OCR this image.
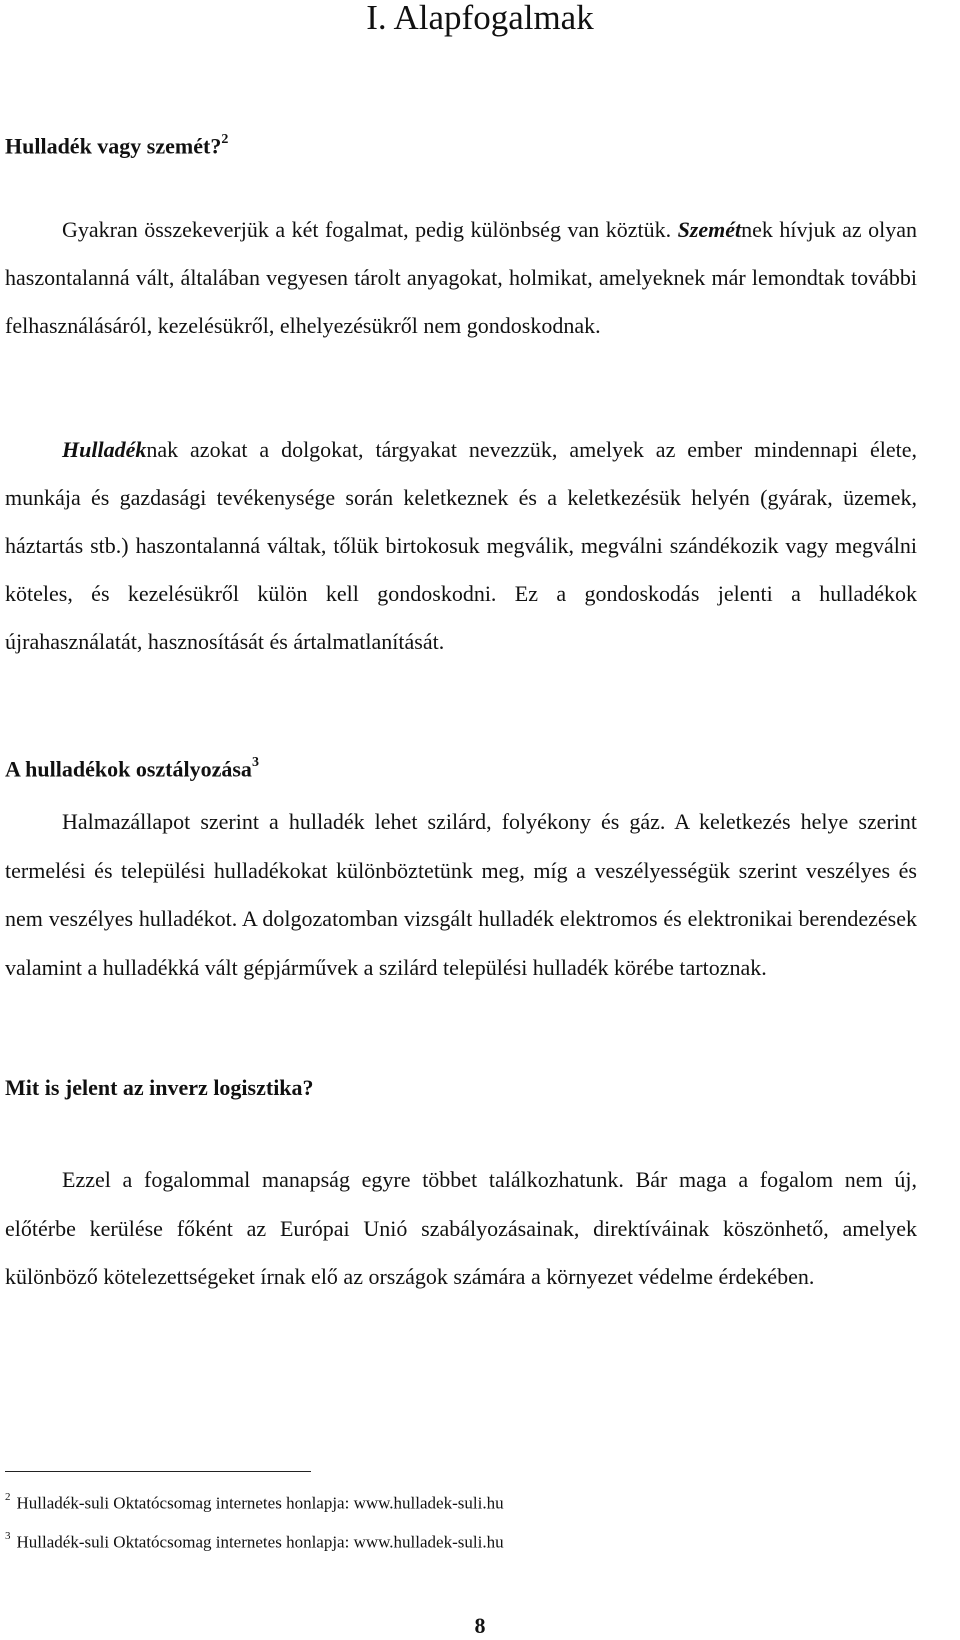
I. Alapfogalmak
Hulladék vagy szemét?$^2$

Gyakran összekeverjük a két fogalmat, pedig különbség van köztük. Szemétnek hívjuk az olyan haszontalanná vált, általában vegyesen tárolt anyagokat, holmikat, amelyeknek már lemondtak további felhasználásáról, kezelésükről, elhelyezésükről nem gondoskodnak.

Hulladéknak azokat a dolgokat, tárgyakat nevezzük, amelyek az ember mindennapi élete, munkája és gazdasági tevékenysége során keletkeznek és a keletkezésük helyén (gyárak, üzemek, háztartás stb.) haszontalanná váltak, tőlük birtokosuk megválik, megválni szándékozik vagy megválni köteles, és kezelésükről külön kell gondoskodni. Ez a gondoskodás jelenti a hulladékok újrahasználatát, hasznosítását és ártalmatlanítását.

A hulladékok osztályozása$^3$

Halmazállapot szerint a hulladék lehet szilárd, folyékony és gáz. A keletkezés helye szerint termelési és települési hulladékokat különböztetünk meg, míg a veszélyességük szerint veszélyes és nem veszélyes hulladékot. A dolgozatomban vizsgált hulladék elektromos és elektronikai berendezések valamint a hulladékká vált gépjárművek a szilárd települési hulladék körébe tartoznak.

Mit is jelent az inverz logisztika?

Ezzel a fogalommal manapság egyre többet találkozhatunk. Bár maga a fogalom nem új, előtérbe kerülése főként az Európai Unió szabályozásainak, direktíváinak köszönhető, amelyek különböző kötelezettségeket írnak elő az országok számára a környezet védelme érdekében.

$^2$ Hulladék-suli Oktatócsomag internetes honlapja: www.hulladek-suli.hu

$^3$ Hulladék-suli Oktatócsomag internetes honlapja: www.hulladek-suli.hu

8
